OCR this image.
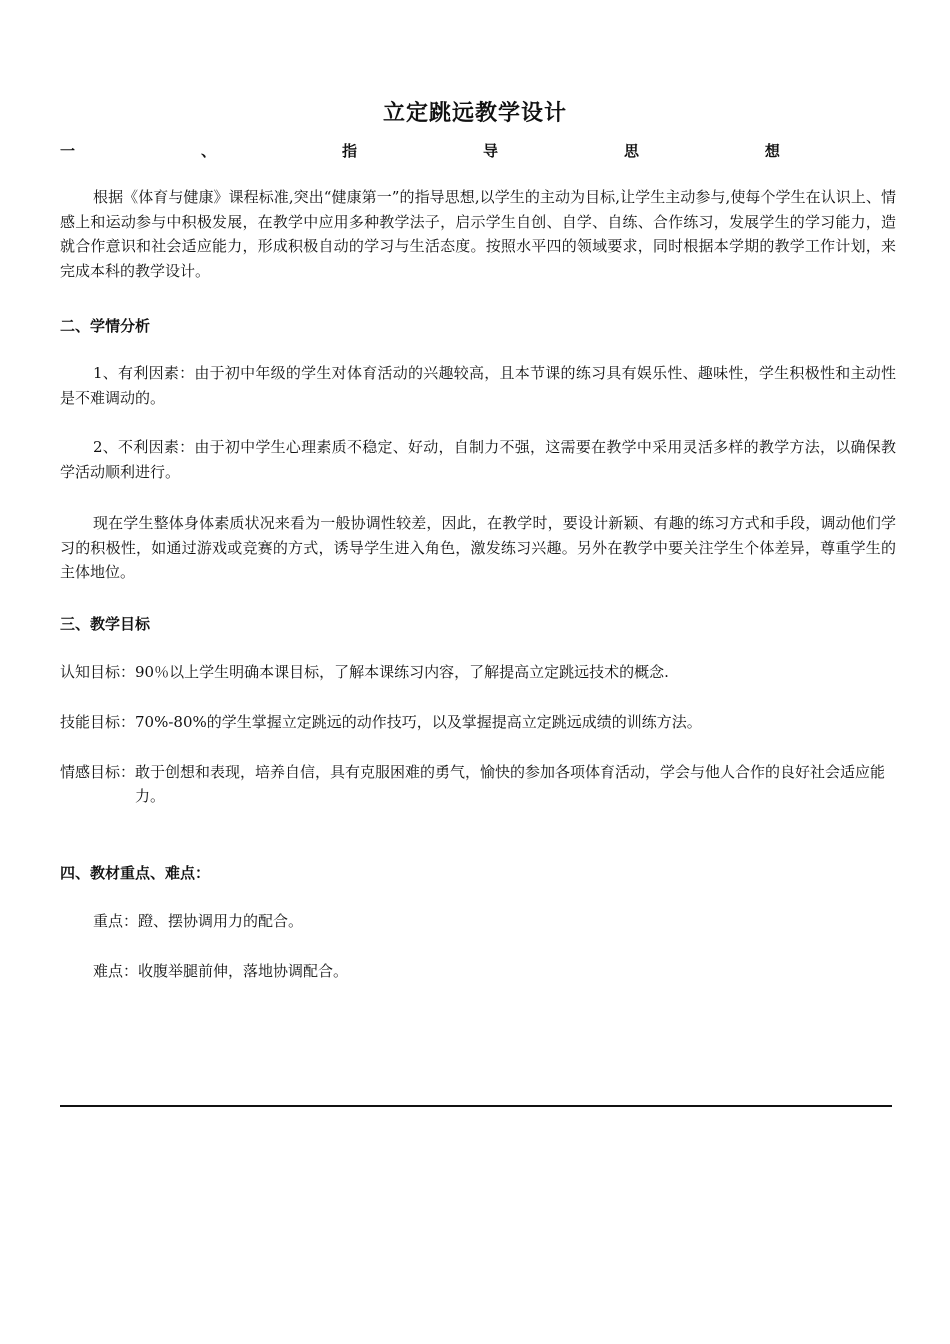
立定跳远教学设计
一	、	指	导	思	想
根据《体育与健康》课程标准,突出“健康第一”的指导思想,以学生的主动为目标,让学生主动参与,使每个学生在认识上、情感上和运动参与中积极发展，在教学中应用多种教学法子，启示学生自创、自学、自练、合作练习，发展学生的学习能力，造就合作意识和社会适应能力，形成积极自动的学习与生活态度。按照水平四的领域要求，同时根据本学期的教学工作计划，来完成本科的教学设计。
二、学情分析
1、有利因素：由于初中年级的学生对体育活动的兴趣较高，且本节课的练习具有娱乐性、趣味性，学生积极性和主动性是不难调动的。
2、不利因素：由于初中学生心理素质不稳定、好动，自制力不强，这需要在教学中采用灵活多样的教学方法，以确保教学活动顺利进行。
现在学生整体身体素质状况来看为一般协调性较差，因此，在教学时，要设计新颖、有趣的练习方式和手段，调动他们学习的积极性，如通过游戏或竞赛的方式，诱导学生进入角色，激发练习兴趣。另外在教学中要关注学生个体差异，尊重学生的主体地位。
三、教学目标
认知目标： 90％以上学生明确本课目标，了解本课练习内容，了解提高立定跳远技术的概念.
技能目标： 70%-80%的学生掌握立定跳远的动作技巧，以及掌握提高立定跳远成绩的训练方法。
情感目标： 敢于创想和表现，培养自信，具有克服困难的勇气，愉快的参加各项体育活动，学会与他人合作的良好社会适应能力。
四、教材重点、难点：
重点：蹬、摆协调用力的配合。
难点：收腹举腿前伸，落地协调配合。
